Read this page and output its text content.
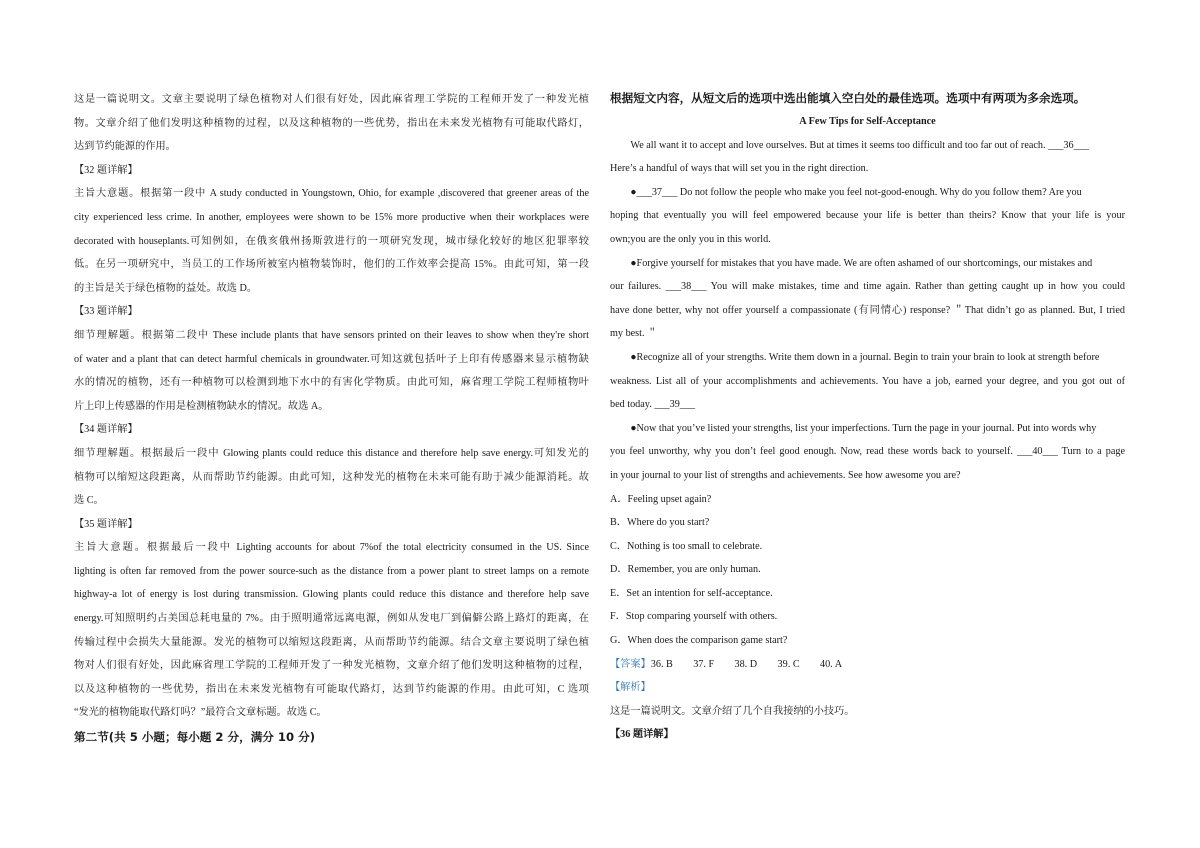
这是一篇说明文。文章主要说明了绿色植物对人们很有好处，因此麻省理工学院的工程师开发了一种发光植

物。文章介绍了他们发明这种植物的过程，以及这种植物的一些优势，指出在未来发光植物有可能取代路灯，

达到节约能源的作用。

【32 题详解】

主旨大意题。根据第一段中 A study conducted in Youngstown, Ohio, for example ,discovered that greener areas of the

city experienced less crime. In another, employees were shown to be 15% more productive when their workplaces were

decorated with houseplants.可知例如，在俄亥俄州扬斯敦进行的一项研究发现，城市绿化较好的地区犯罪率较

低。在另一项研究中，当员工的工作场所被室内植物装饰时，他们的工作效率会提高 15%。由此可知，第一段

的主旨是关于绿色植物的益处。故选 D。

【33 题详解】

细节理解题。根据第二段中 These include plants that have sensors printed on their leaves to show when they're short

of water and a plant that can detect harmful chemicals in groundwater.可知这就包括叶子上印有传感器来显示植物缺

水的情况的植物，还有一种植物可以检测到地下水中的有害化学物质。由此可知，麻省理工学院工程师植物叶

片上印上传感器的作用是检测植物缺水的情况。故选 A。

【34 题详解】

细节理解题。根据最后一段中 Glowing plants could reduce this distance and therefore help save energy.可知发光的

植物可以缩短这段距离，从而帮助节约能源。由此可知，这种发光的植物在未来可能有助于减少能源消耗。故

选 C。

【35 题详解】

主旨大意题。根据最后一段中 Lighting accounts for about 7%of the total electricity consumed in the US. Since

lighting is often far removed from the power source-such as the distance from a power plant to street lamps on a remote

highway-a lot of energy is lost during transmission. Glowing plants could reduce this distance and therefore help save

energy.可知照明约占美国总耗电量的 7%。由于照明通常远离电源，例如从发电厂到偏僻公路上路灯的距离，在

传输过程中会损失大量能源。发光的植物可以缩短这段距离，从而帮助节约能源。结合文章主要说明了绿色植

物对人们很有好处，因此麻省理工学院的工程师开发了一种发光植物，文章介绍了他们发明这种植物的过程，

以及这种植物的一些优势，指出在未来发光植物有可能取代路灯，达到节约能源的作用。由此可知，C 选项

“发光的植物能取代路灯吗？”最符合文章标题。故选 C。

第二节(共 5 小题；每小题 2 分，满分 10 分)

根据短文内容，从短文后的选项中选出能填入空白处的最佳选项。选项中有两项为多余选项。

A Few Tips for Self-Acceptance

We all want it to accept and love ourselves. But at times it seems too difficult and too far out of reach. ___36___

Here’s a handful of ways that will set you in the right direction.

●___37___ Do not follow the people who make you feel not-good-enough. Why do you follow them? Are you

hoping that eventually you will feel empowered because your life is better than theirs? Know that your life is your

own;you are the only you in this world.

●Forgive yourself for mistakes that you have made. We are often ashamed of our shortcomings, our mistakes and

our failures. ___38___ You will make mistakes, time and time again. Rather than getting caught up in how you could

have done better, why not offer yourself a compassionate (有同情心) response? ＂That didn’t go as planned. But, I tried

my best. ＂

●Recognize all of your strengths. Write them down in a journal. Begin to train your brain to look at strength before

weakness. List all of your accomplishments and achievements. You have a job, earned your degree, and you got out of

bed today. ___39___

●Now that you’ve listed your strengths, list your imperfections. Turn the page in your journal. Put into words why

you feel unworthy, why you don’t feel good enough. Now, read these words back to yourself. ___40___ Turn to a page

in your journal to your list of strengths and achievements. See how awesome you are?

A．Feeling upset again?

B．Where do you start?

C．Nothing is too small to celebrate.

D．Remember, you are only human.

E．Set an intention for self-acceptance.

F．Stop comparing yourself with others.

G．When does the comparison game start?

【答案】36. B        37. F        38. D        39. C        40. A

【解析】

这是一篇说明文。文章介绍了几个自我接纳的小技巧。

【36 题详解】
